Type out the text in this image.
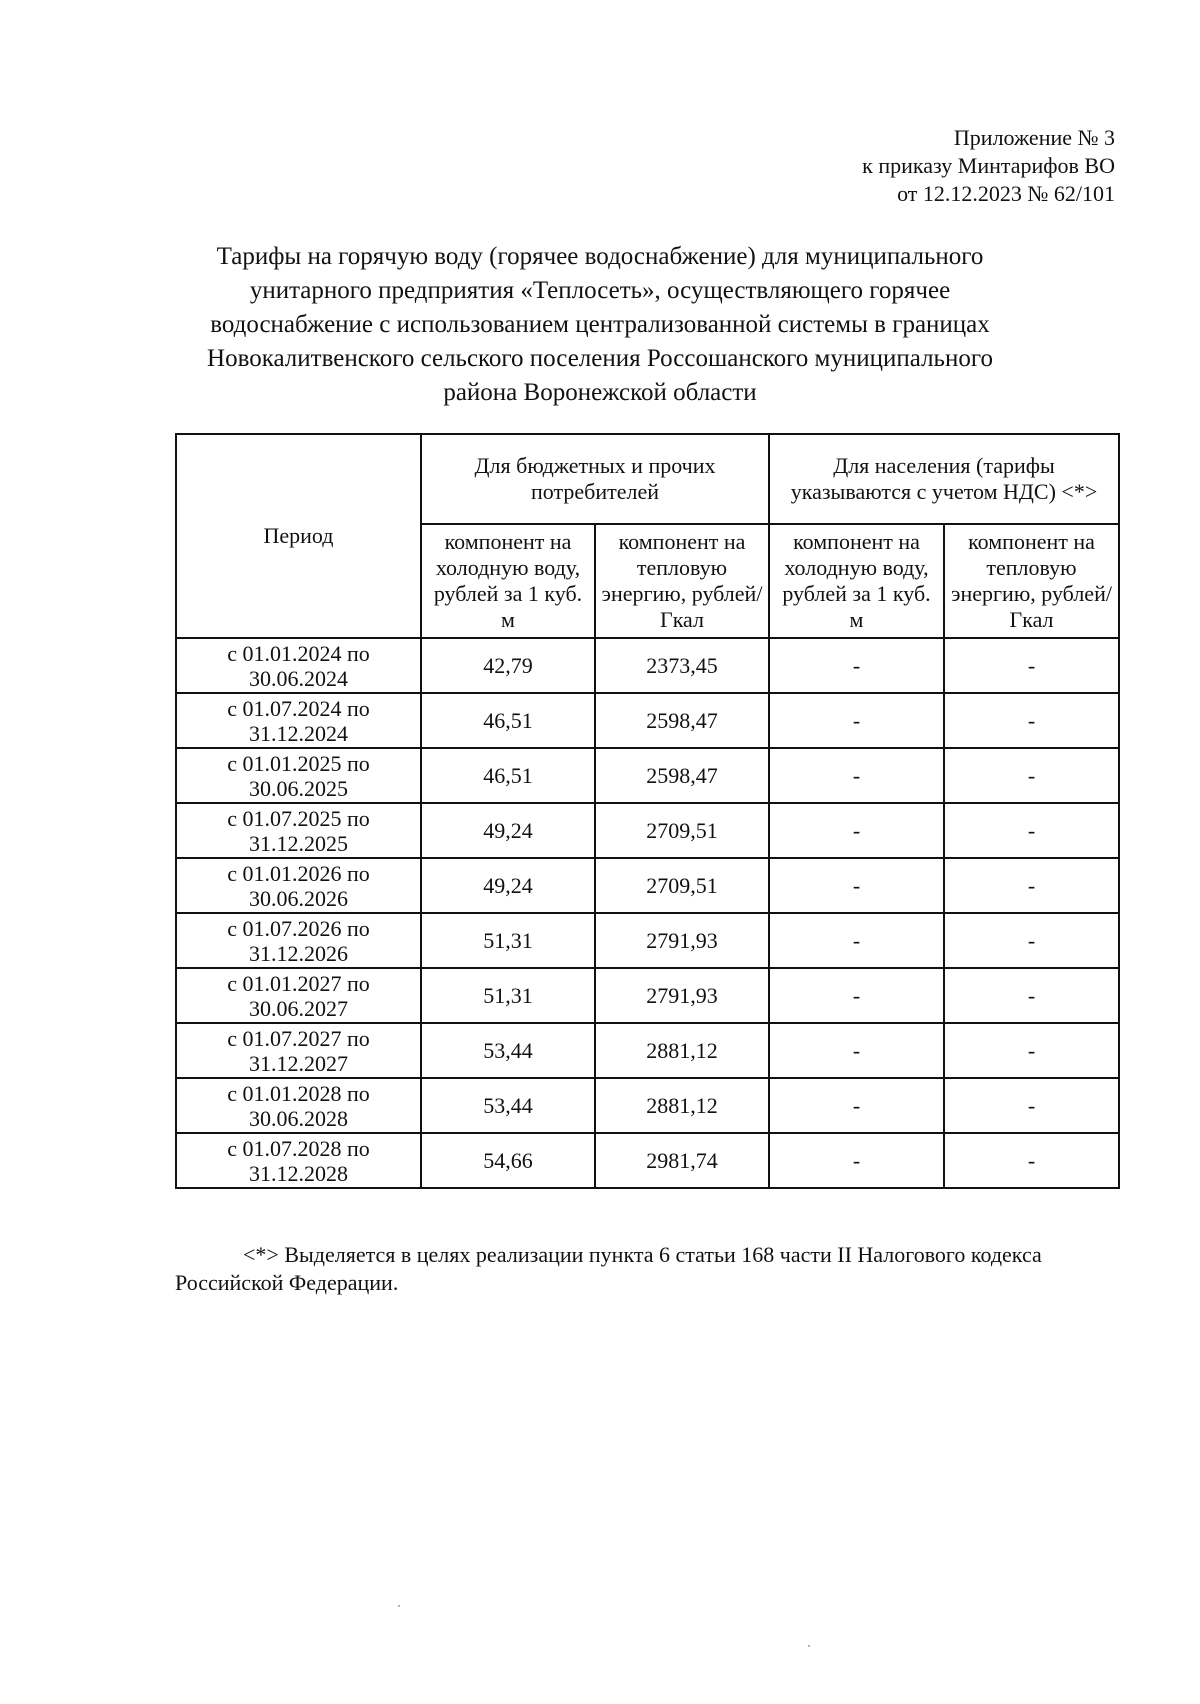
Приложение № 3
к приказу Минтарифов ВО
от 12.12.2023 № 62/101
Тарифы на горячую воду (горячее водоснабжение) для муниципального
унитарного предприятия «Теплосеть», осуществляющего горячее
водоснабжение с использованием централизованной системы в границах
Новокалитвенского сельского поселения Россошанского муниципального
района Воронежской области
Период	Для бюджетных и прочих потребителей		Для населения (тарифы указываются с учетом НДС) <*>	
	компонент на холодную воду, рублей за 1 куб. м	компонент на тепловую энергию, рублей/Гкал	компонент на холодную воду, рублей за 1 куб. м	компонент на тепловую энергию, рублей/Гкал
с 01.01.2024 по 30.06.2024	42,79	2373,45	-	-
с 01.07.2024 по 31.12.2024	46,51	2598,47	-	-
с 01.01.2025 по 30.06.2025	46,51	2598,47	-	-
с 01.07.2025 по 31.12.2025	49,24	2709,51	-	-
с 01.01.2026 по 30.06.2026	49,24	2709,51	-	-
с 01.07.2026 по 31.12.2026	51,31	2791,93	-	-
с 01.01.2027 по 30.06.2027	51,31	2791,93	-	-
с 01.07.2027 по 31.12.2027	53,44	2881,12	-	-
с 01.01.2028 по 30.06.2028	53,44	2881,12	-	-
с 01.07.2028 по 31.12.2028	54,66	2981,74	-	-
<*> Выделяется в целях реализации пункта 6 статьи 168 части II Налогового кодекса Российской Федерации.
